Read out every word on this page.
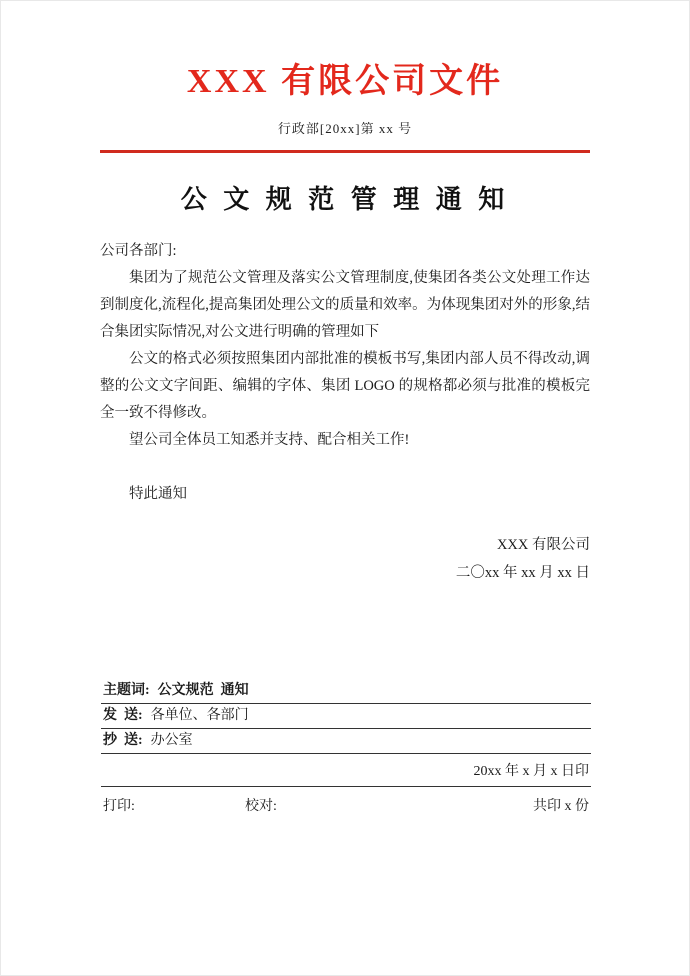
XXX 有限公司文件
行政部[20xx]第 xx 号
公 文 规 范 管 理 通 知

公司各部门:

集团为了规范公文管理及落实公文管理制度,使集团各类公文处理工作达到制度化,流程化,提高集团处理公文的质量和效率。为体现集团对外的形象,结合集团实际情况,对公文进行明确的管理如下

公文的格式必须按照集团内部批准的模板书写,集团内部人员不得改动,调整的公文文字间距、编辑的字体、集团 LOGO 的规格都必须与批准的模板完全一致不得修改。

望公司全体员工知悉并支持、配合相关工作!

特此通知

XXX 有限公司
二〇xx 年 xx 月 xx 日
主题词: 公文规范  通知
发  送: 各单位、各部门
抄  送: 办公室
20xx 年 x 月 x 日印
打印:	校对:	共印 x 份
